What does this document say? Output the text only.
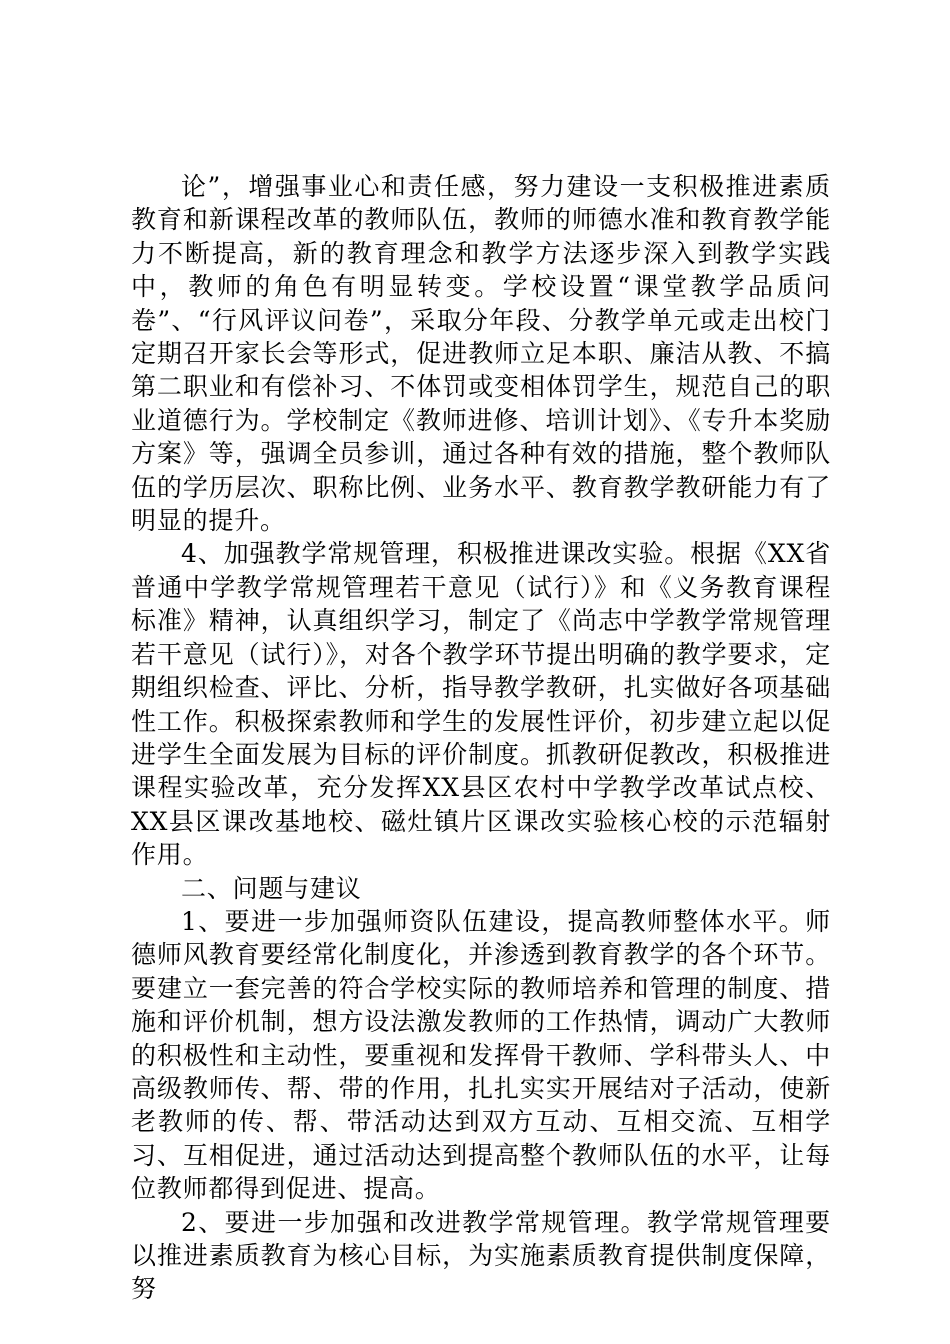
论”，增强事业心和责任感，努力建设一支积极推进素质教育和新课程改革的教师队伍，教师的师德水准和教育教学能力不断提高，新的教育理念和教学方法逐步深入到教学实践中，教师的角色有明显转变。学校设置“课堂教学品质问卷”、“行风评议问卷”，采取分年段、分教学单元或走出校门定期召开家长会等形式，促进教师立足本职、廉洁从教、不搞第二职业和有偿补习、不体罚或变相体罚学生，规范自己的职业道德行为。学校制定《教师进修、培训计划》、《专升本奖励方案》等，强调全员参训，通过各种有效的措施，整个教师队伍的学历层次、职称比例、业务水平、教育教学教研能力有了明显的提升。

4、加强教学常规管理，积极推进课改实验。根据《XX省普通中学教学常规管理若干意见（试行）》和《义务教育课程标准》精神，认真组织学习，制定了《尚志中学教学常规管理若干意见（试行）》，对各个教学环节提出明确的教学要求，定期组织检查、评比、分析，指导教学教研，扎实做好各项基础性工作。积极探索教师和学生的发展性评价，初步建立起以促进学生全面发展为目标的评价制度。抓教研促教改，积极推进课程实验改革，充分发挥XX县区农村中学教学改革试点校、XX县区课改基地校、磁灶镇片区课改实验核心校的示范辐射作用。

二、问题与建议

1、要进一步加强师资队伍建设，提高教师整体水平。师德师风教育要经常化制度化，并渗透到教育教学的各个环节。要建立一套完善的符合学校实际的教师培养和管理的制度、措施和评价机制，想方设法激发教师的工作热情，调动广大教师的积极性和主动性，要重视和发挥骨干教师、学科带头人、中高级教师传、帮、带的作用，扎扎实实开展结对子活动，使新老教师的传、帮、带活动达到双方互动、互相交流、互相学习、互相促进，通过活动达到提高整个教师队伍的水平，让每位教师都得到促进、提高。

2、要进一步加强和改进教学常规管理。教学常规管理要以推进素质教育为核心目标，为实施素质教育提供制度保障，努
